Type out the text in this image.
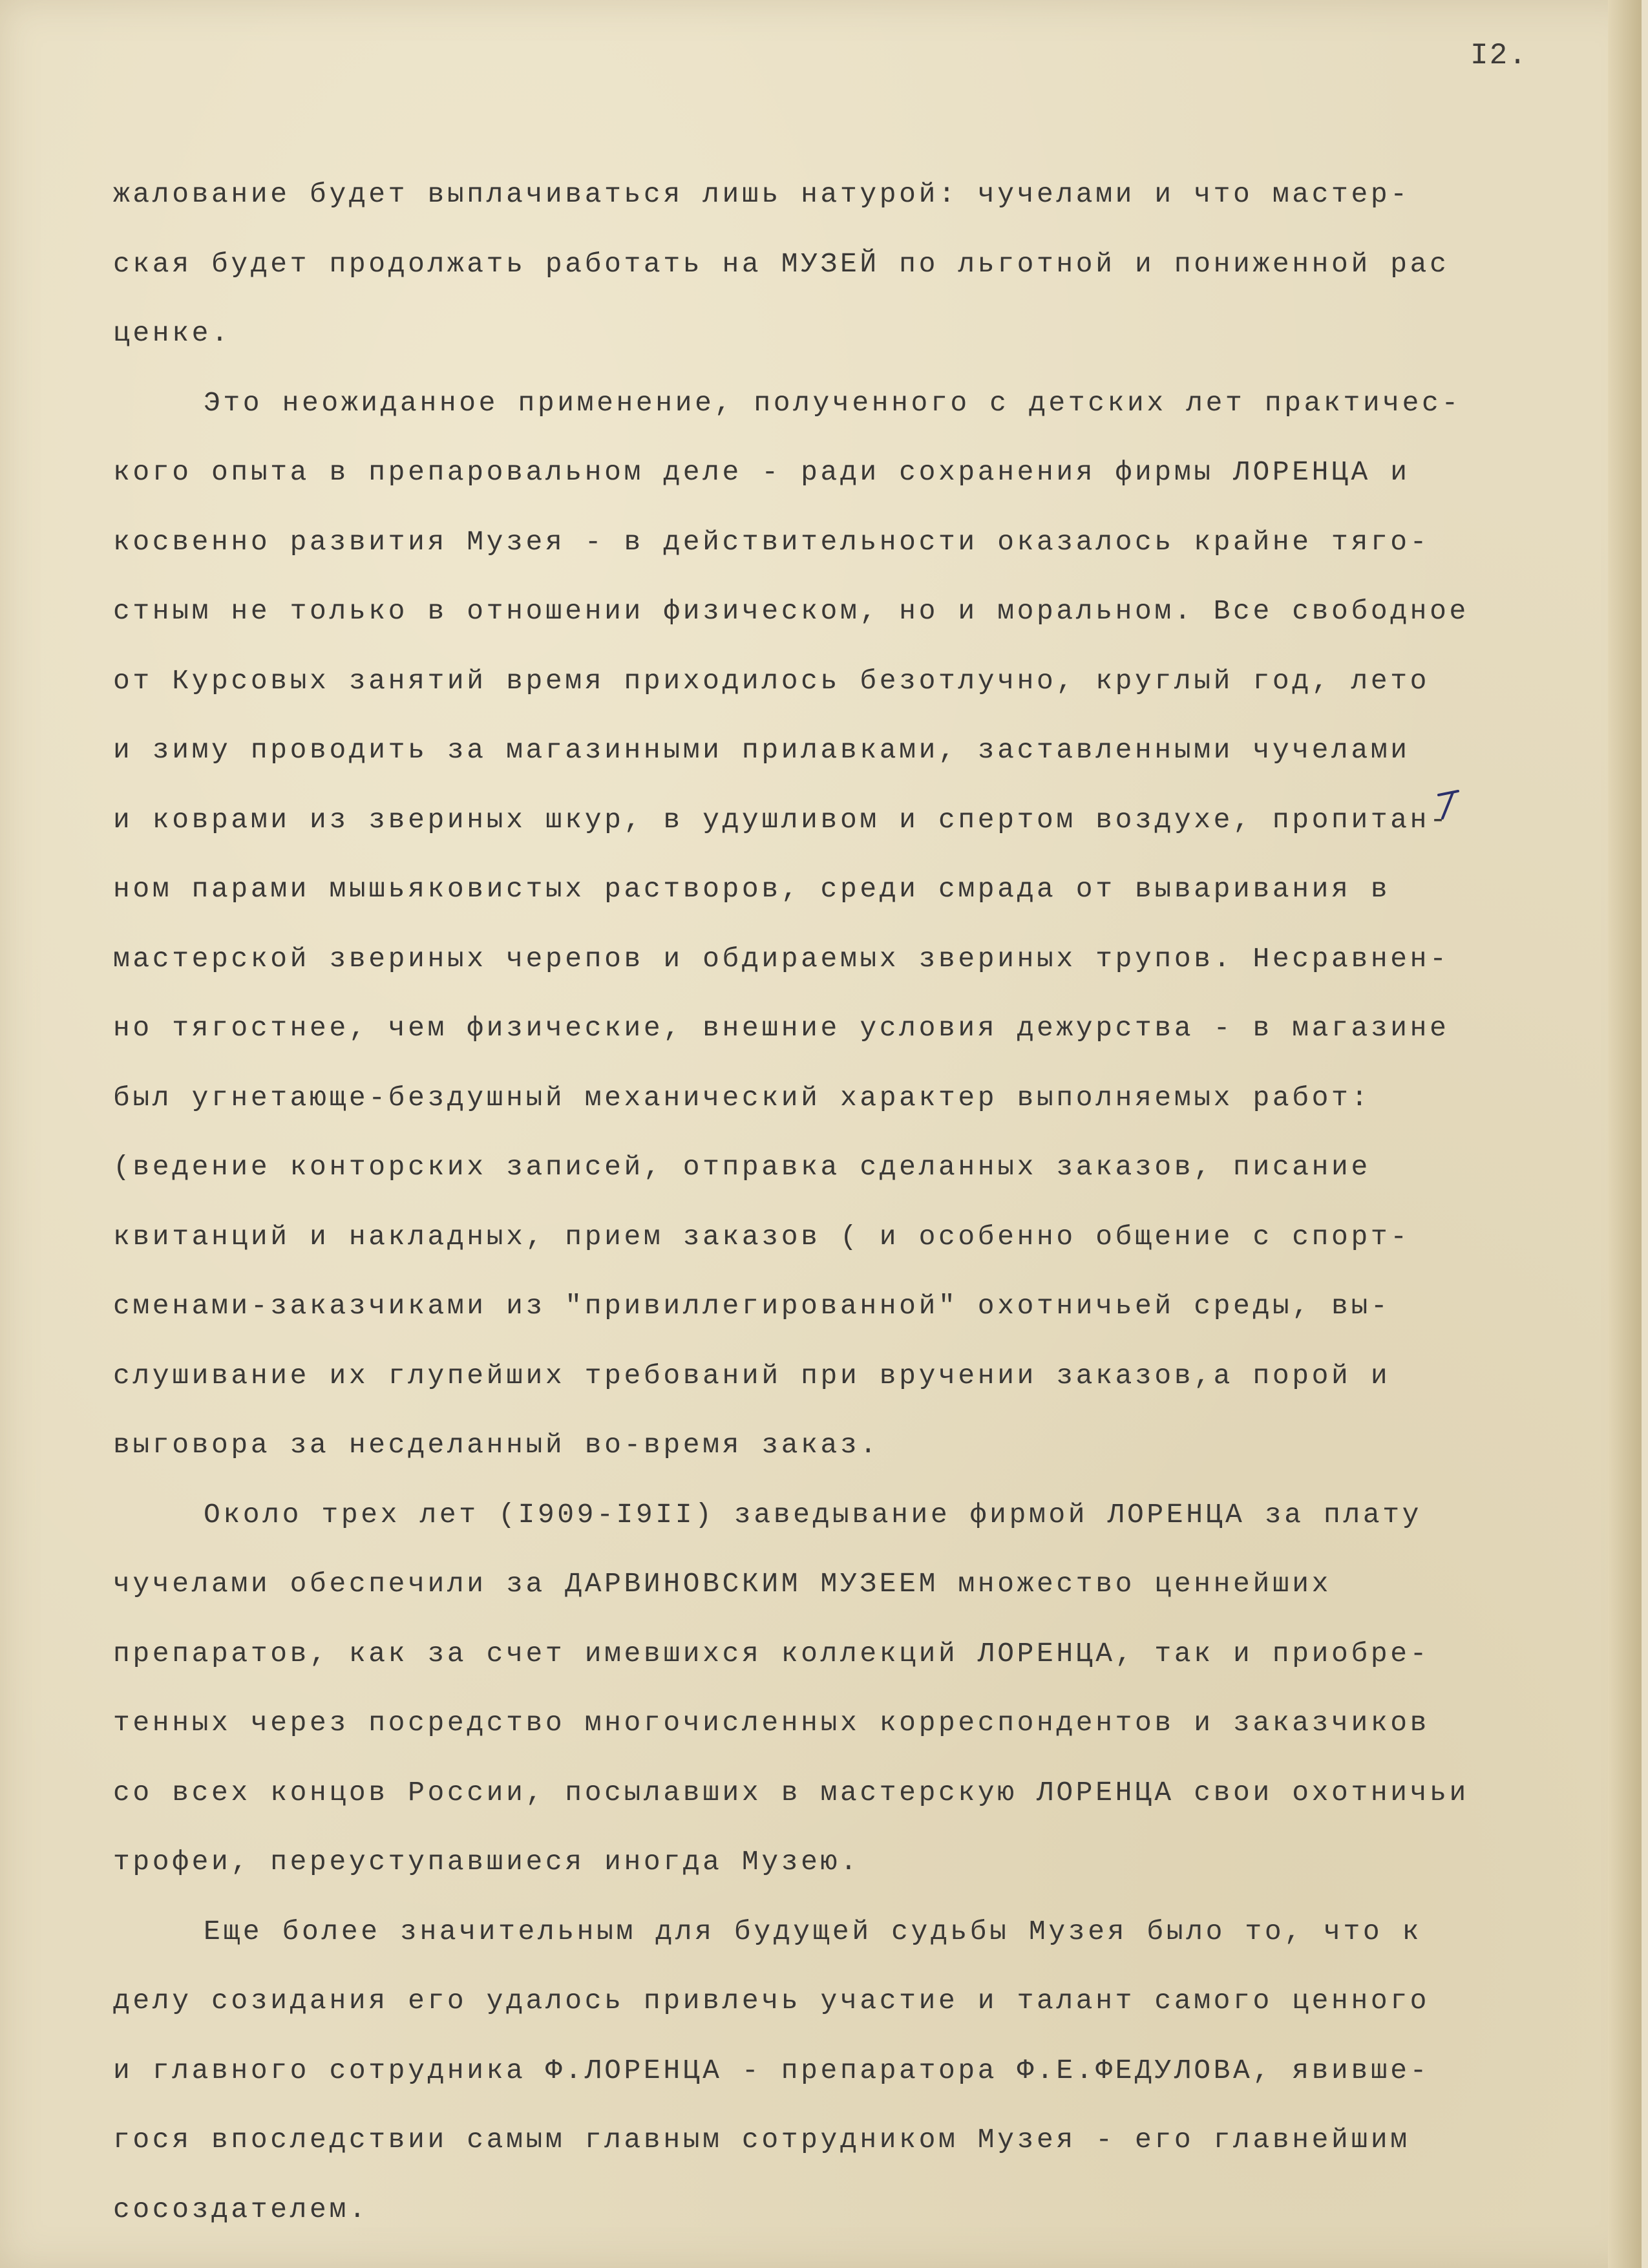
I2.
жалование будет выплачиваться лишь натурой: чучелами и что мастер-
ская будет продолжать работать на МУЗЕЙ по льготной и пониженной рас
ценке.
Это неожиданное применение, полученного с детских лет практичес-
кого опыта в препаровальном деле - ради сохранения фирмы ЛОРЕНЦА и
косвенно развития Музея - в действительности оказалось крайне тяго-
стным не только в отношении физическом, но и моральном. Все свободное
от Курсовых занятий время приходилось безотлучно, круглый год, лето
и зиму проводить за магазинными прилавками, заставленными чучелами
и коврами из звериных шкур, в удушливом и спертом воздухе, пропитан-
ном парами мышьяковистых растворов, среди смрада от вываривания в
мастерской звериных черепов и обдираемых звериных трупов. Несравнен-
но тягостнее, чем физические, внешние условия дежурства - в магазине
был угнетающе-бездушный механический характер выполняемых работ:
(ведение конторских записей, отправка сделанных заказов, писание
квитанций и накладных, прием заказов ( и особенно общение с спорт-
сменами-заказчиками из "привиллегированной" охотничьей среды, вы-
слушивание их глупейших требований при вручении заказов,а порой и
выговора за несделанный во-время заказ.
Около трех лет (I909-I9II) заведывание фирмой ЛОРЕНЦА за плату
чучелами обеспечили за ДАРВИНОВСКИМ МУЗЕЕМ множество ценнейших
препаратов, как за счет имевшихся коллекций ЛОРЕНЦА, так и приобре-
тенных через посредство многочисленных корреспондентов и заказчиков
со всех концов России, посылавших в мастерскую ЛОРЕНЦА свои охотничьи
трофеи, переуступавшиеся иногда Музею.
Еще более значительным для будущей судьбы Музея было то, что к
делу созидания его удалось привлечь участие и талант самого ценного
и главного сотрудника Ф.ЛОРЕНЦА - препаратора Ф.Е.ФЕДУЛОВА, явивше-
гося впоследствии самым главным сотрудником Музея - его главнейшим
сосоздателем.
